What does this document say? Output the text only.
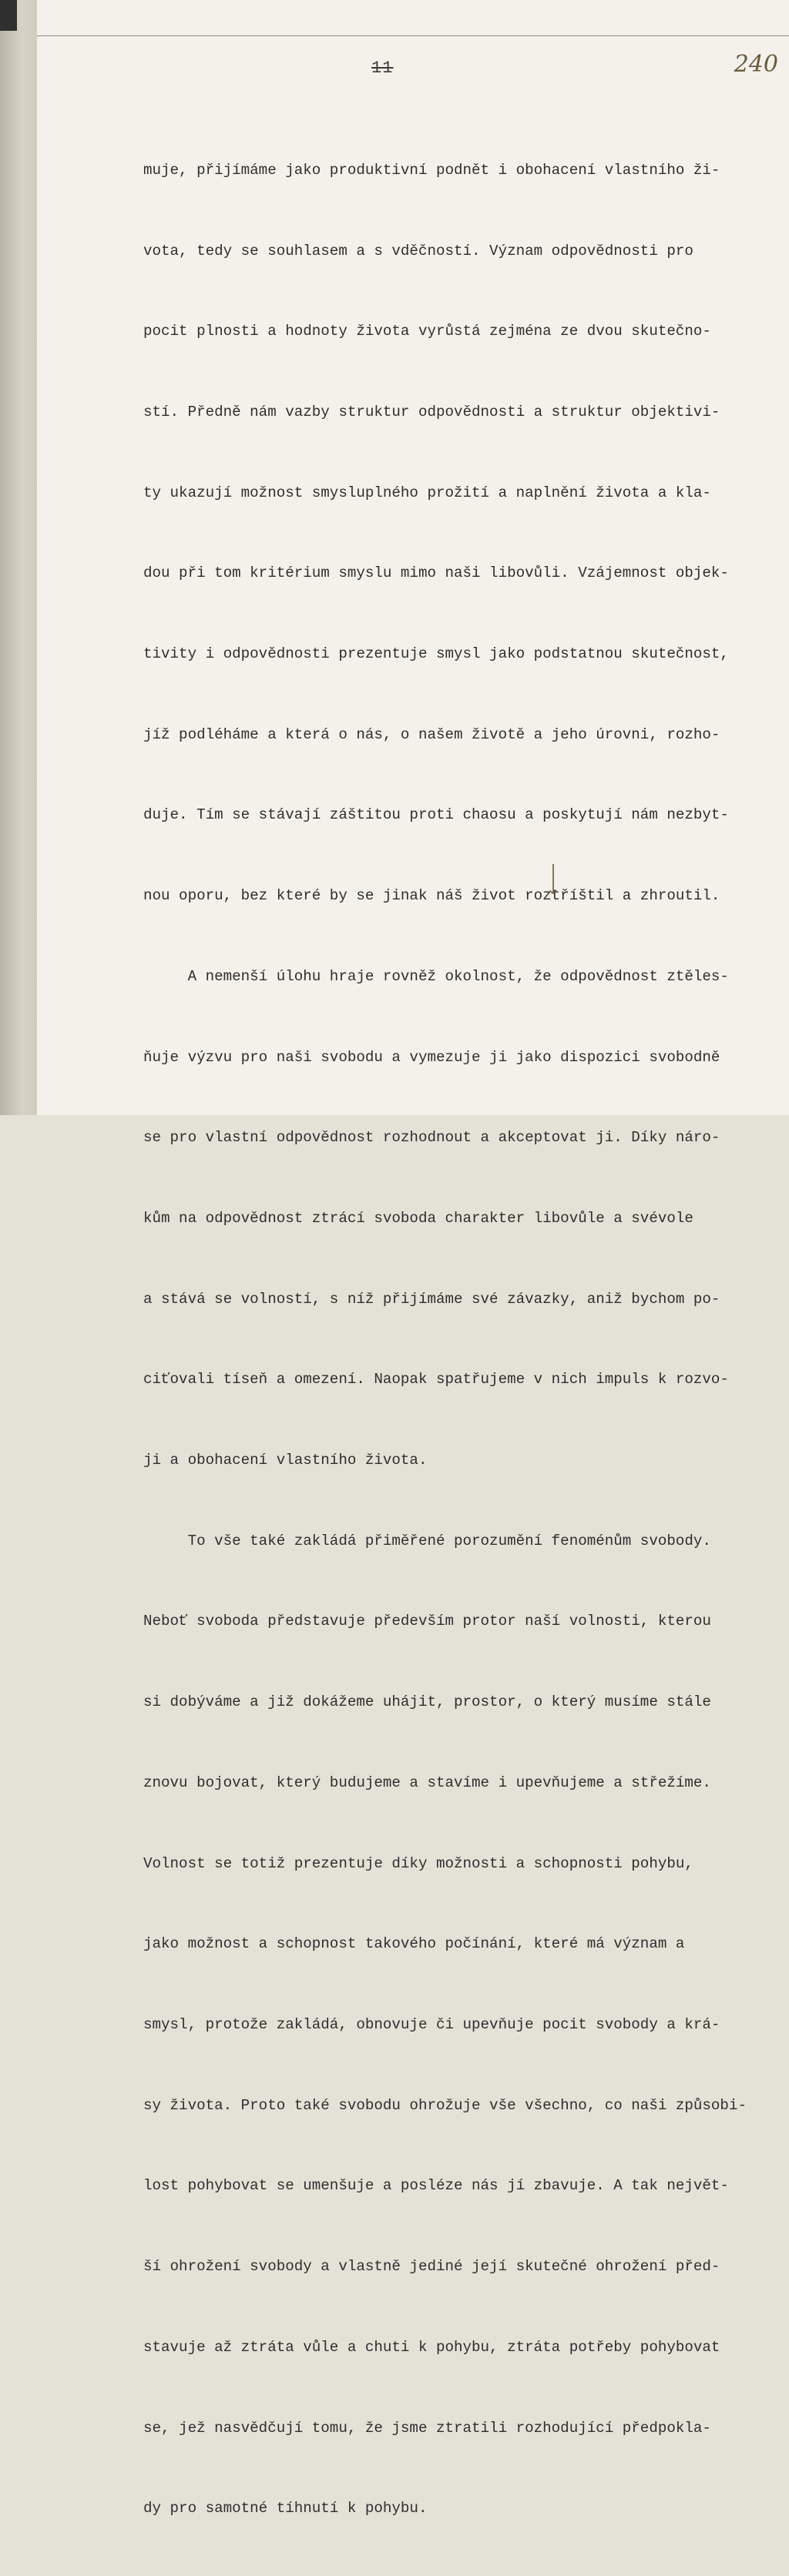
11	240

muje, přijímáme jako produktivní podnět i obohacení vlastního ži-

vota, tedy se souhlasem a s vděčností. Význam odpovědnosti pro

pocit plnosti a hodnoty života vyrůstá zejména ze dvou skutečno-

stí. Předně nám vazby struktur odpovědnosti a struktur objektivi-

ty ukazují možnost smysluplného prožití a naplnění života a kla-

dou při tom kritérium smyslu mimo naši libovůli. Vzájemnost objek-

tivity i odpovědnosti prezentuje smysl jako podstatnou skutečnost,

jíž podléháme a která o nás, o našem životě a jeho úrovni, rozho-

duje. Tím se stávají záštitou proti chaosu a poskytují nám nezbyt-

nou oporu, bez které by se jinak náš život roztříštil a zhroutil.

A nemenší úlohu hraje rovněž okolnost, že odpovědnost ztěles-

ňuje výzvu pro naši svobodu a vymezuje ji jako dispozici svobodně

se pro vlastní odpovědnost rozhodnout a akceptovat ji. Díky náro-

kům na odpovědnost ztrácí svoboda charakter libovůle a svévole

a stává se volností, s níž přijímáme své závazky, aniž bychom po-

ciťovali tíseň a omezení. Naopak spatřujeme v nich impuls k rozvo-

ji a obohacení vlastního života.

To vše také zakládá přiměřené porozumění fenoménům svobody.

Neboť svoboda představuje především protor naší volnosti, kterou

si dobýváme a již dokážeme uhájit, prostor, o který musíme stále

znovu bojovat, který budujeme a stavíme i upevňujeme a střežíme.

Volnost se totiž prezentuje díky možnosti a schopnosti pohybu,

jako možnost a schopnost takového počínání, které má význam a

smysl, protože zakládá, obnovuje či upevňuje pocit svobody a krá-

sy života. Proto také svobodu ohrožuje vše všechno, co naši způsobi-

lost pohybovat se umenšuje a posléze nás jí zbavuje. A tak největ-

ší ohrožení svobody a vlastně jediné její skutečné ohrožení před-

stavuje až ztráta vůle a chuti k pohybu, ztráta potřeby pohybovat

se, jež nasvědčují tomu, že jsme ztratili rozhodující předpokla-

dy pro samotné tíhnutí k pohybu.
